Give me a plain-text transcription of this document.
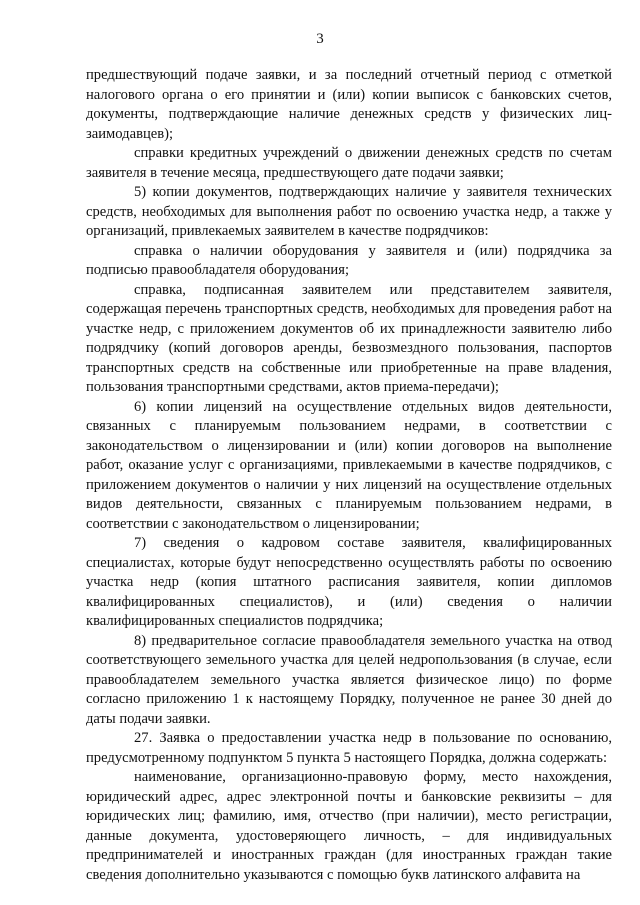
3

предшествующий подаче заявки, и за последний отчетный период с отметкой налогового органа о его принятии и (или) копии выписок с банковских счетов, документы, подтверждающие наличие денежных средств у физических лиц-заимодавцев);

справки кредитных учреждений о движении денежных средств по счетам заявителя в течение месяца, предшествующего дате подачи заявки;

5) копии документов, подтверждающих наличие у заявителя технических средств, необходимых для выполнения работ по освоению участка недр, а также у организаций, привлекаемых заявителем в качестве подрядчиков:

справка о наличии оборудования у заявителя и (или) подрядчика за подписью правообладателя оборудования;

справка, подписанная заявителем или представителем заявителя, содержащая перечень транспортных средств, необходимых для проведения работ на участке недр, с приложением документов об их принадлежности заявителю либо подрядчику (копий договоров аренды, безвозмездного пользования, паспортов транспортных средств на собственные или приобретенные на праве владения, пользования транспортными средствами, актов приема-передачи);

6) копии лицензий на осуществление отдельных видов деятельности, связанных с планируемым пользованием недрами, в соответствии с законодательством о лицензировании и (или) копии договоров на выполнение работ, оказание услуг с организациями, привлекаемыми в качестве подрядчиков, с приложением документов о наличии у них лицензий на осуществление отдельных видов деятельности, связанных с планируемым пользованием недрами, в соответствии с законодательством о лицензировании;

7) сведения о кадровом составе заявителя, квалифицированных специалистах, которые будут непосредственно осуществлять работы по освоению участка недр (копия штатного расписания заявителя, копии дипломов квалифицированных специалистов), и (или) сведения о наличии квалифицированных специалистов подрядчика;

8) предварительное согласие правообладателя земельного участка на отвод соответствующего земельного участка для целей недропользования (в случае, если правообладателем земельного участка является физическое лицо) по форме согласно приложению 1 к настоящему Порядку, полученное не ранее 30 дней до даты подачи заявки.

27. Заявка о предоставлении участка недр в пользование по основанию, предусмотренному подпунктом 5 пункта 5 настоящего Порядка, должна содержать:

наименование, организационно-правовую форму, место нахождения, юридический адрес, адрес электронной почты и банковские реквизиты – для юридических лиц; фамилию, имя, отчество (при наличии), место регистрации, данные документа, удостоверяющего личность, – для индивидуальных предпринимателей и иностранных граждан (для иностранных граждан такие сведения дополнительно указываются с помощью букв латинского алфавита на
